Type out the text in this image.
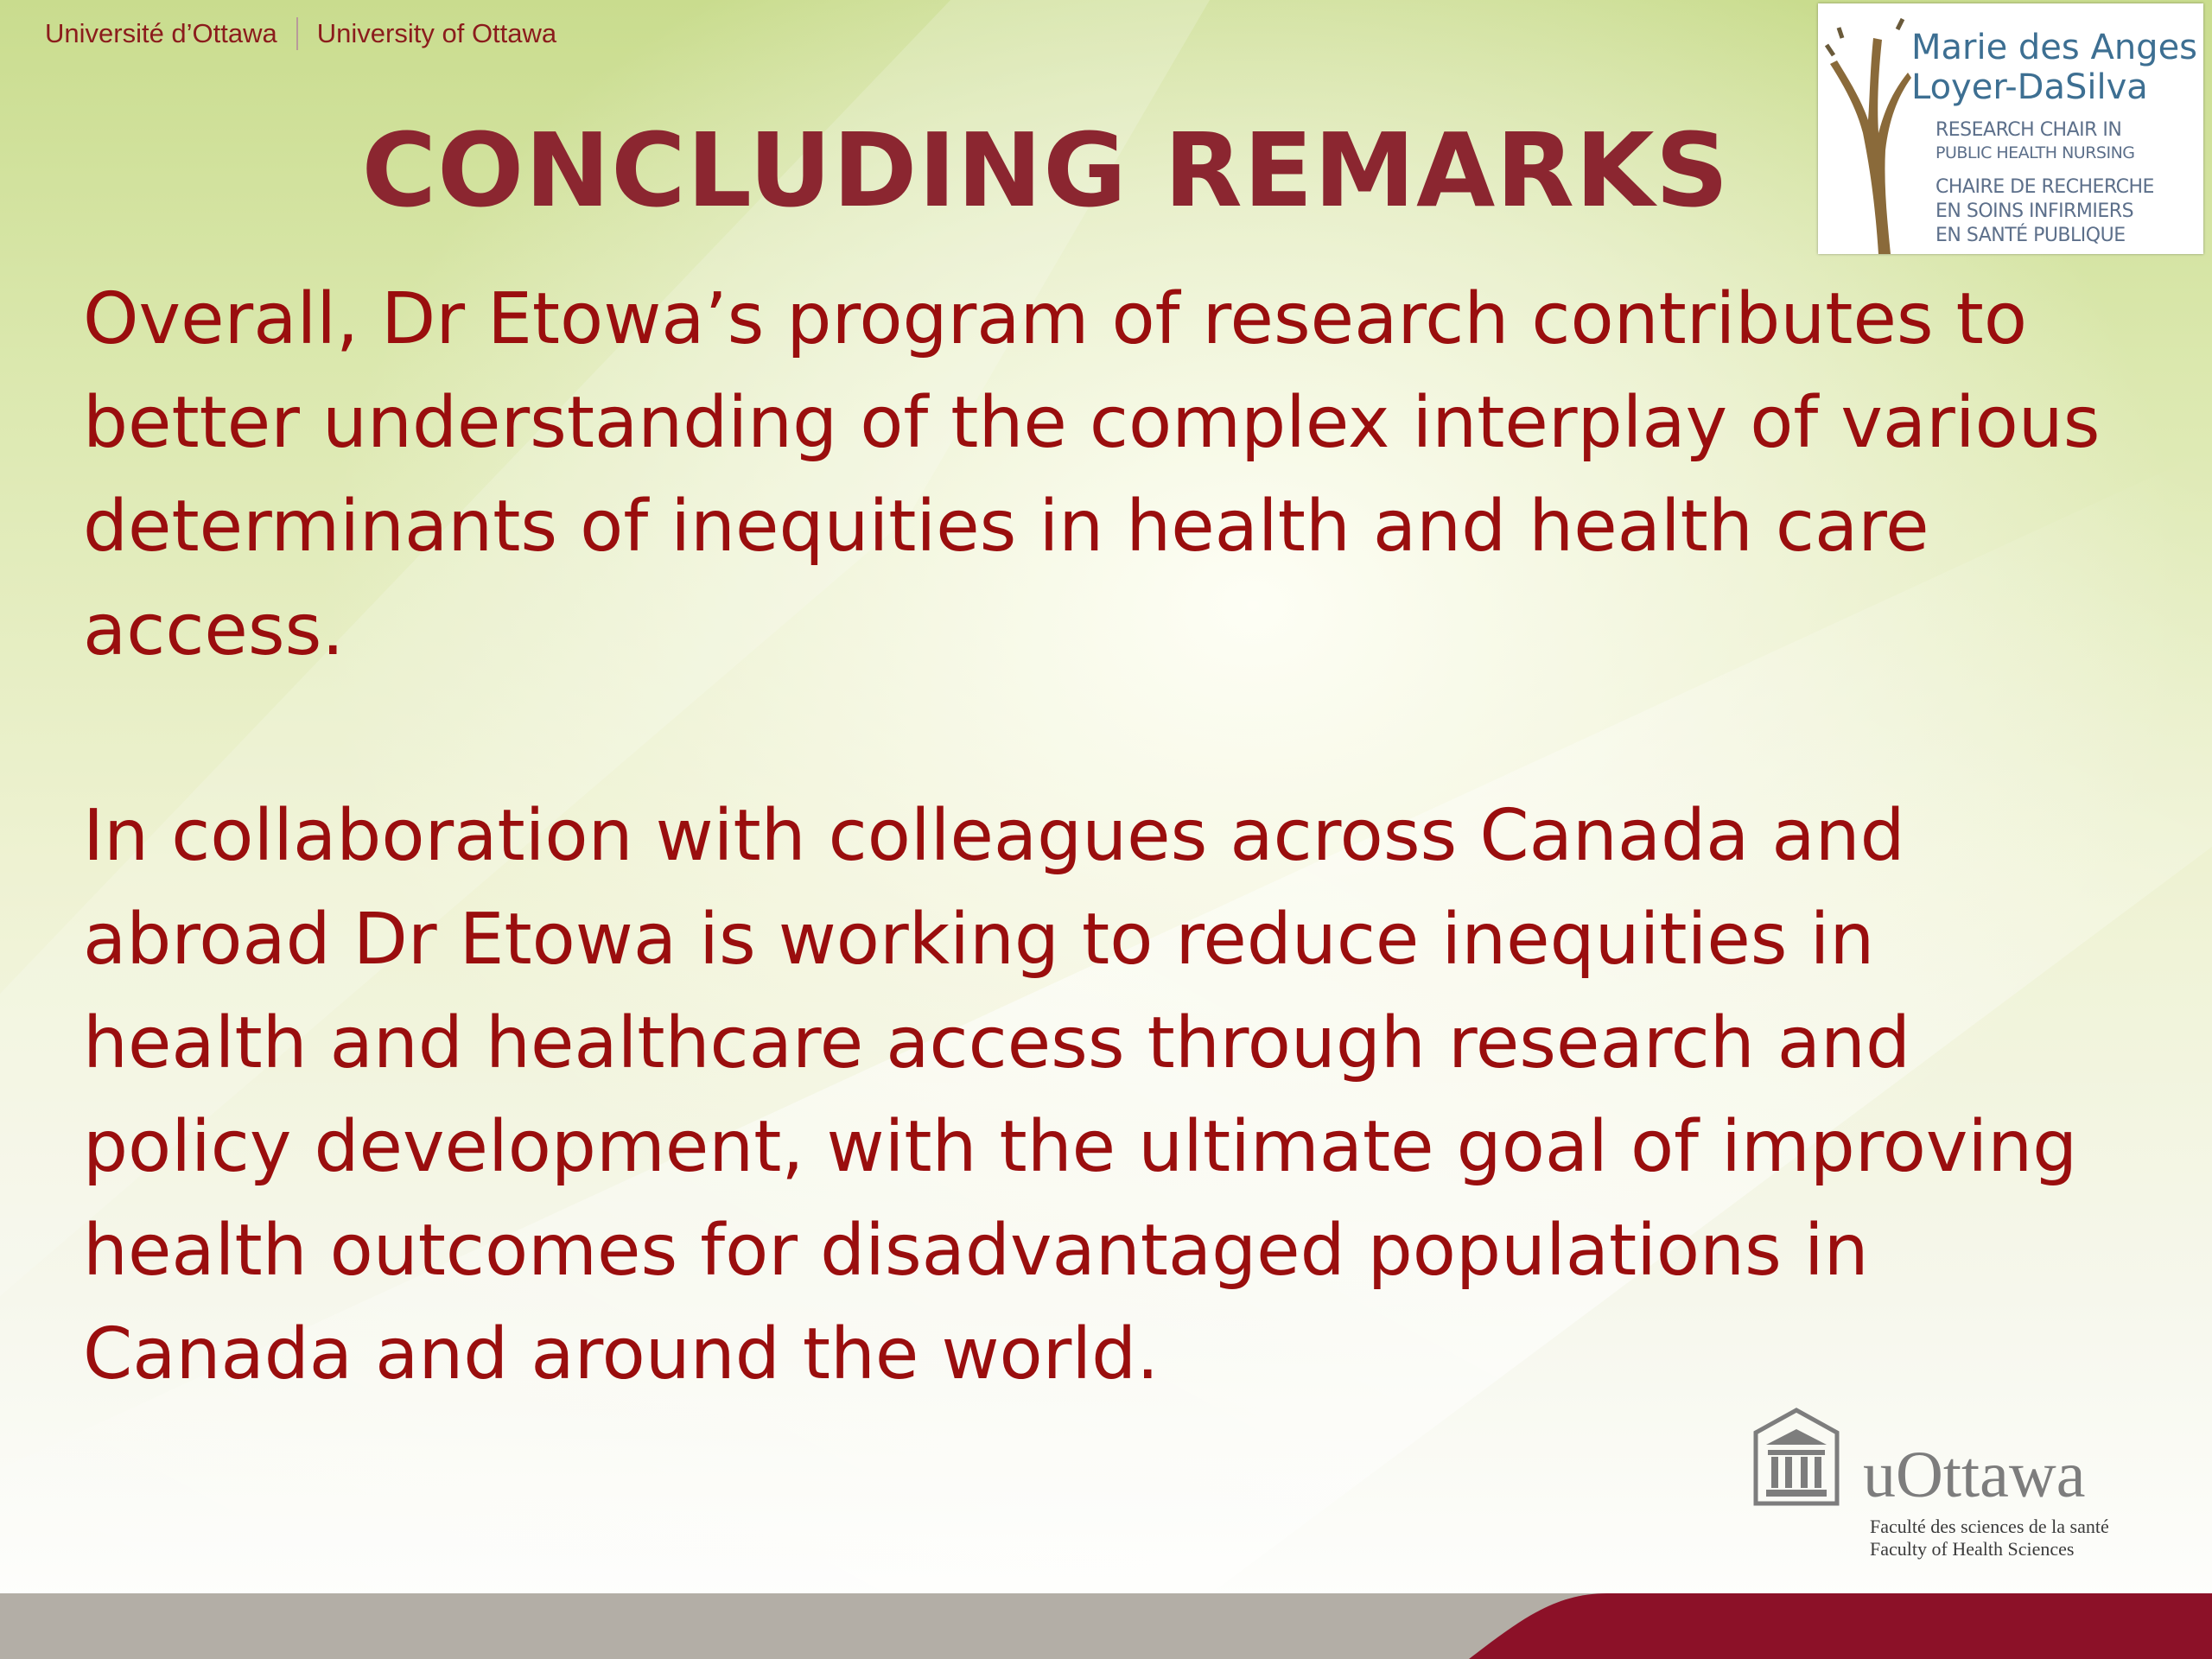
Université d’Ottawa University of Ottawa
CONCLUDING REMARKS
Marie des Anges
Loyer-DaSilva
RESEARCH CHAIR IN
PUBLIC HEALTH NURSING
CHAIRE DE RECHERCHE
EN SOINS INFIRMIERS
EN SANTÉ PUBLIQUE

Overall, Dr Etowa’s program of research contributes to
better understanding of the complex interplay of various
determinants of inequities in health and health care
access.

In collaboration with colleagues across Canada and
abroad Dr Etowa is working to reduce inequities in
health and healthcare access through research and
policy development, with the ultimate goal of improving
health outcomes for disadvantaged populations in
Canada and around the world.

uOttawa
Faculté des sciences de la santé
Faculty of Health Sciences
